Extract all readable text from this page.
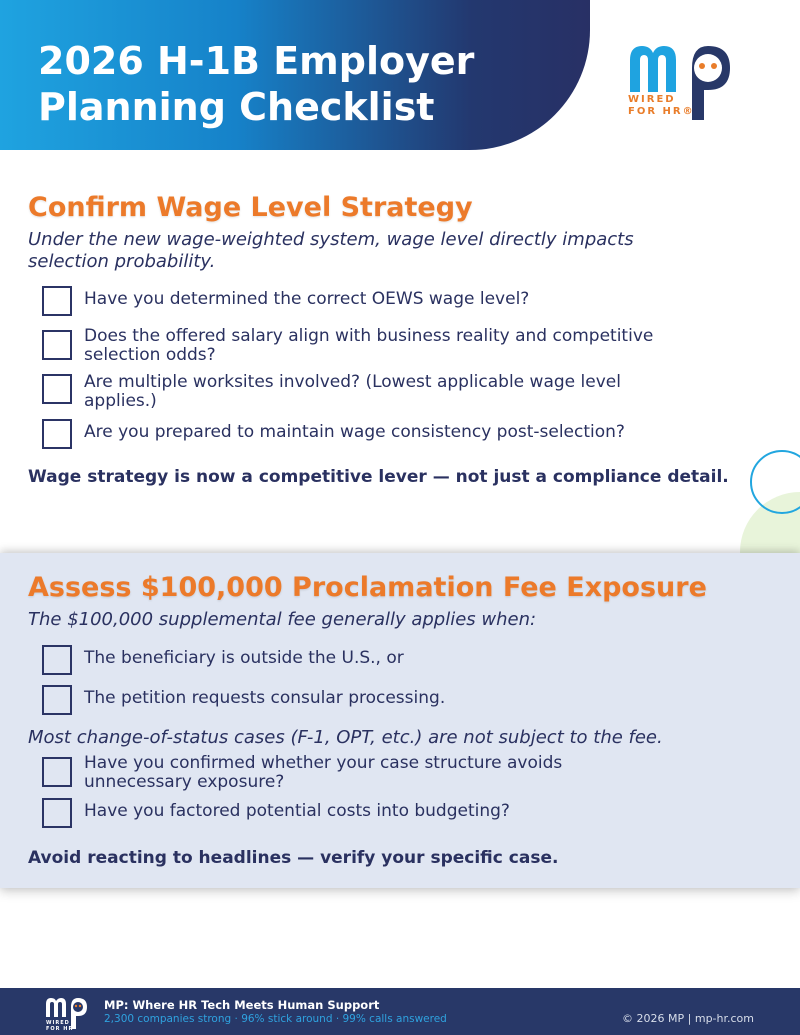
2026 H-1B Employer
Planning Checklist	WIRED
FOR HR®
Confirm Wage Level Strategy
Under the new wage-weighted system, wage level directly impacts
selection probability.
Have you determined the correct OEWS wage level?
Does the offered salary align with business reality and competitive
selection odds?
Are multiple worksites involved? (Lowest applicable wage level
applies.)
Are you prepared to maintain wage consistency post-selection?
Wage strategy is now a competitive lever — not just a compliance detail.
Assess $100,000 Proclamation Fee Exposure
The $100,000 supplemental fee generally applies when:
The beneficiary is outside the U.S., or
The petition requests consular processing.
Most change-of-status cases (F-1, OPT, etc.) are not subject to the fee.
Have you confirmed whether your case structure avoids
unnecessary exposure?
Have you factored potential costs into budgeting?
Avoid reacting to headlines — verify your specific case.
WIRED
FOR HR
MP: Where HR Tech Meets Human Support
2,300 companies strong · 96% stick around · 99% calls answered	© 2026 MP | mp-hr.com
